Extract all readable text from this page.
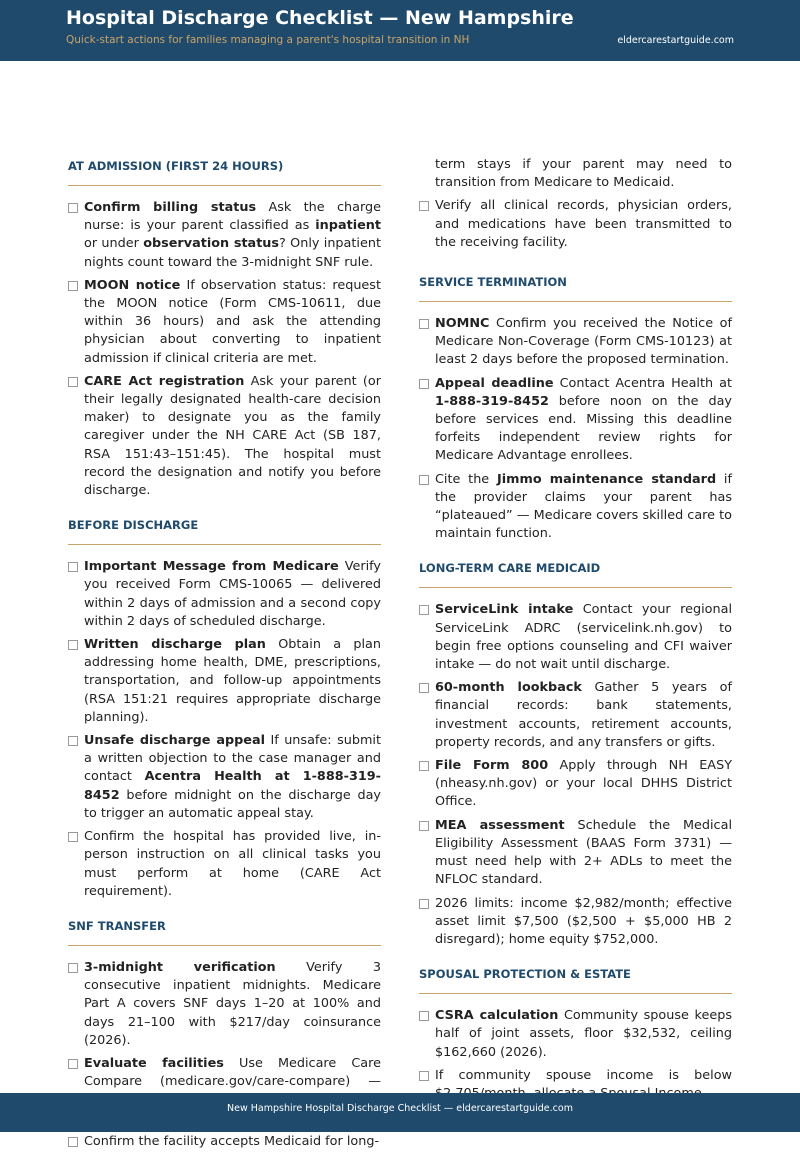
Hospital Discharge Checklist — New Hampshire
Quick-start actions for families managing a parent's hospital transition in NH	eldercarestartguide.com
AT ADMISSION (FIRST 24 HOURS)
Confirm billing status Ask the charge nurse: is your parent classified as inpatient or under observation status? Only inpatient nights count toward the 3-midnight SNF rule.
MOON notice If observation status: request the MOON notice (Form CMS-10611, due within 36 hours) and ask the attending physician about converting to inpatient admission if clinical criteria are met.
CARE Act registration Ask your parent (or their legally designated health-care decision maker) to designate you as the family caregiver under the NH CARE Act (SB 187, RSA 151:43–151:45). The hospital must record the designation and notify you before discharge.
BEFORE DISCHARGE
Important Message from Medicare Verify you received Form CMS-10065 — delivered within 2 days of admission and a second copy within 2 days of scheduled discharge.
Written discharge plan Obtain a plan addressing home health, DME, prescriptions, transportation, and follow-up appointments (RSA 151:21 requires appropriate discharge planning).
Unsafe discharge appeal If unsafe: submit a written objection to the case manager and contact Acentra Health at 1-888-319-8452 before midnight on the discharge day to trigger an automatic appeal stay.
Confirm the hospital has provided live, in-person instruction on all clinical tasks you must perform at home (CARE Act requirement).
SNF TRANSFER
3-midnight verification Verify 3 consecutive inpatient midnights. Medicare Part A covers SNF days 1–20 at 100% and days 21–100 with $217/day coinsurance (2026).
Evaluate facilities Use Medicare Care Compare (medicare.gov/care-compare) —
Confirm the facility accepts Medicaid for long-
term stays if your parent may need to transition from Medicare to Medicaid.
Verify all clinical records, physician orders, and medications have been transmitted to the receiving facility.
SERVICE TERMINATION
NOMNC Confirm you received the Notice of Medicare Non-Coverage (Form CMS-10123) at least 2 days before the proposed termination.
Appeal deadline Contact Acentra Health at 1-888-319-8452 before noon on the day before services end. Missing this deadline forfeits independent review rights for Medicare Advantage enrollees.
Cite the Jimmo maintenance standard if the provider claims your parent has “plateaued” — Medicare covers skilled care to maintain function.
LONG-TERM CARE MEDICAID
ServiceLink intake Contact your regional ServiceLink ADRC (servicelink.nh.gov) to begin free options counseling and CFI waiver intake — do not wait until discharge.
60-month lookback Gather 5 years of financial records: bank statements, investment accounts, retirement accounts, property records, and any transfers or gifts.
File Form 800 Apply through NH EASY (nheasy.nh.gov) or your local DHHS District Office.
MEA assessment Schedule the Medical Eligibility Assessment (BAAS Form 3731) — must need help with 2+ ADLs to meet the NFLOC standard.
2026 limits: income $2,982/month; effective asset limit $7,500 ($2,500 + $5,000 HB 2 disregard); home equity $752,000.
SPOUSAL PROTECTION & ESTATE
CSRA calculation Community spouse keeps half of joint assets, floor $32,532, ceiling $162,660 (2026).
If community spouse income is below
New Hampshire Hospital Discharge Checklist — eldercarestartguide.com
